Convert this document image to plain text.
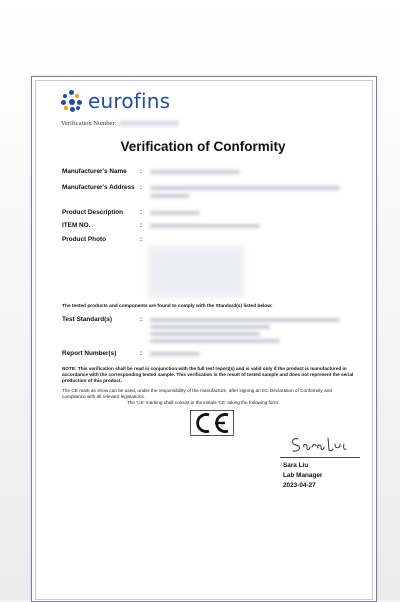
eurofins
Verification Number:
Verification of Conformity
Manufacturer's Name :
Manufacturer's Address :
Product Description	:
ITEM NO.	:
Product Photo	:
The tested products and components are found to comply with the Standard(s) listed below:
Test Standard(s)	:
Report Number(s)	:
NOTE: This verification shall be read in conjunction with the full test report(s) and is valid only if the product is manufactured in accordance with the corresponding tested sample. This verification is the result of tested sample and does not represent the serial production of this product.
The CE mark as show can be used, under the responsibility of the manufacture, after signing an EC Declaration of Conformity and compliance with all relevant legislations.
The 'CE' marking shall consist in the initials 'CE' taking the following form:
Sara Liu
Lab Manager
2023-04-27
